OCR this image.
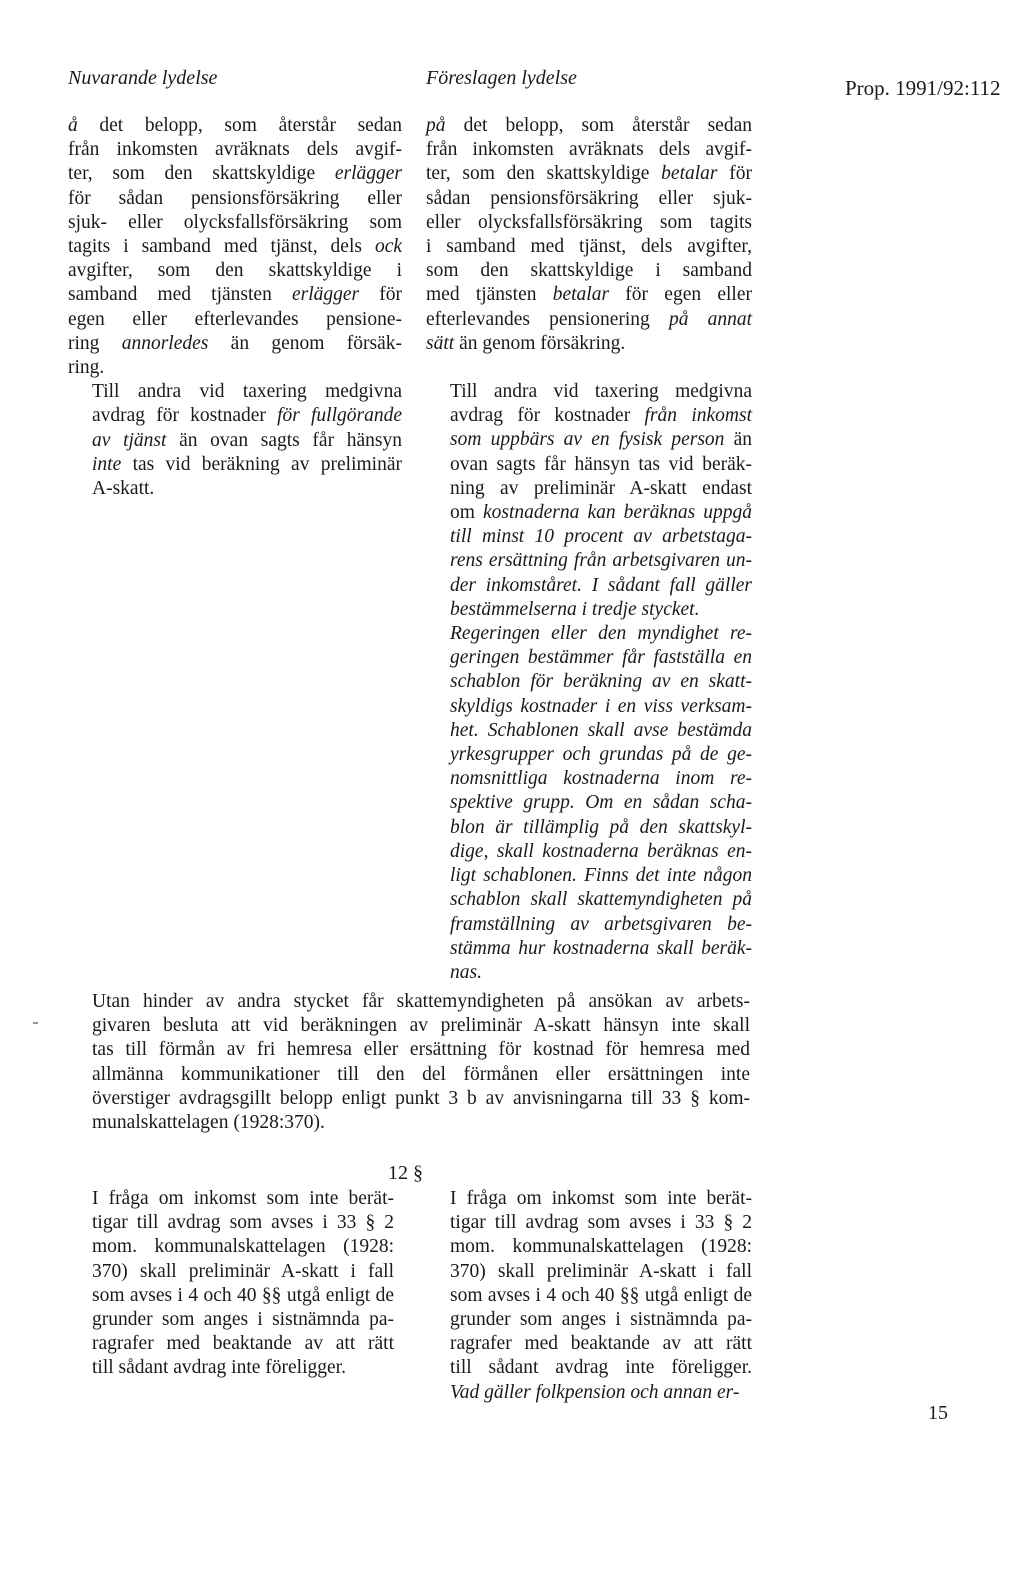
Nuvarande lydelse	Föreslagen lydelse	Prop. 1991/92:112

å det belopp, som återstår sedan
från inkomsten avräknats dels avgif-
ter, som den skattskyldige erlägger
för sådan pensionsförsäkring eller
sjuk- eller olycksfallsförsäkring som
tagits i samband med tjänst, dels ock
avgifter, som den skattskyldige i
samband med tjänsten erlägger för
egen eller efterlevandes pensione-
ring annorledes än genom försäk-
ring.

Till andra vid taxering medgivna
avdrag för kostnader för fullgörande
av tjänst än ovan sagts får hänsyn
inte tas vid beräkning av preliminär
A-skatt.

på det belopp, som återstår sedan
från inkomsten avräknats dels avgif-
ter, som den skattskyldige betalar för
sådan pensionsförsäkring eller sjuk-
eller olycksfallsförsäkring som tagits
i samband med tjänst, dels avgifter,
som den skattskyldige i samband
med tjänsten betalar för egen eller
efterlevandes pensionering på annat
sätt än genom försäkring.

Till andra vid taxering medgivna
avdrag för kostnader från inkomst
som uppbärs av en fysisk person än
ovan sagts får hänsyn tas vid beräk-
ning av preliminär A-skatt endast
om kostnaderna kan beräknas uppgå
till minst 10 procent av arbetstaga-
rens ersättning från arbetsgivaren un-
der inkomståret. I sådant fall gäller
bestämmelserna i tredje stycket.

Regeringen eller den myndighet re-
geringen bestämmer får fastställa en
schablon för beräkning av en skatt-
skyldigs kostnader i en viss verksam-
het. Schablonen skall avse bestämda
yrkesgrupper och grundas på de ge-
nomsnittliga kostnaderna inom re-
spektive grupp. Om en sådan scha-
blon är tillämplig på den skattskyl-
dige, skall kostnaderna beräknas en-
ligt schablonen. Finns det inte någon
schablon skall skattemyndigheten på
framställning av arbetsgivaren be-
stämma hur kostnaderna skall beräk-
nas.

Utan hinder av andra stycket får skattemyndigheten på ansökan av arbets-
givaren besluta att vid beräkningen av preliminär A-skatt hänsyn inte skall
tas till förmån av fri hemresa eller ersättning för kostnad för hemresa med
allmänna kommunikationer till den del förmånen eller ersättningen inte
överstiger avdragsgillt belopp enligt punkt 3 b av anvisningarna till 33 § kom-
munalskattelagen (1928:370).

12 §

I fråga om inkomst som inte berät-
tigar till avdrag som avses i 33 § 2
mom. kommunalskattelagen (1928:
370) skall preliminär A-skatt i fall
som avses i 4 och 40 §§ utgå enligt de
grunder som anges i sistnämnda pa-
ragrafer med beaktande av att rätt
till sådant avdrag inte föreligger.

I fråga om inkomst som inte berät-
tigar till avdrag som avses i 33 § 2
mom. kommunalskattelagen (1928:
370) skall preliminär A-skatt i fall
som avses i 4 och 40 §§ utgå enligt de
grunder som anges i sistnämnda pa-
ragrafer med beaktande av att rätt
till sådant avdrag inte föreligger.
Vad gäller folkpension och annan er-

15
